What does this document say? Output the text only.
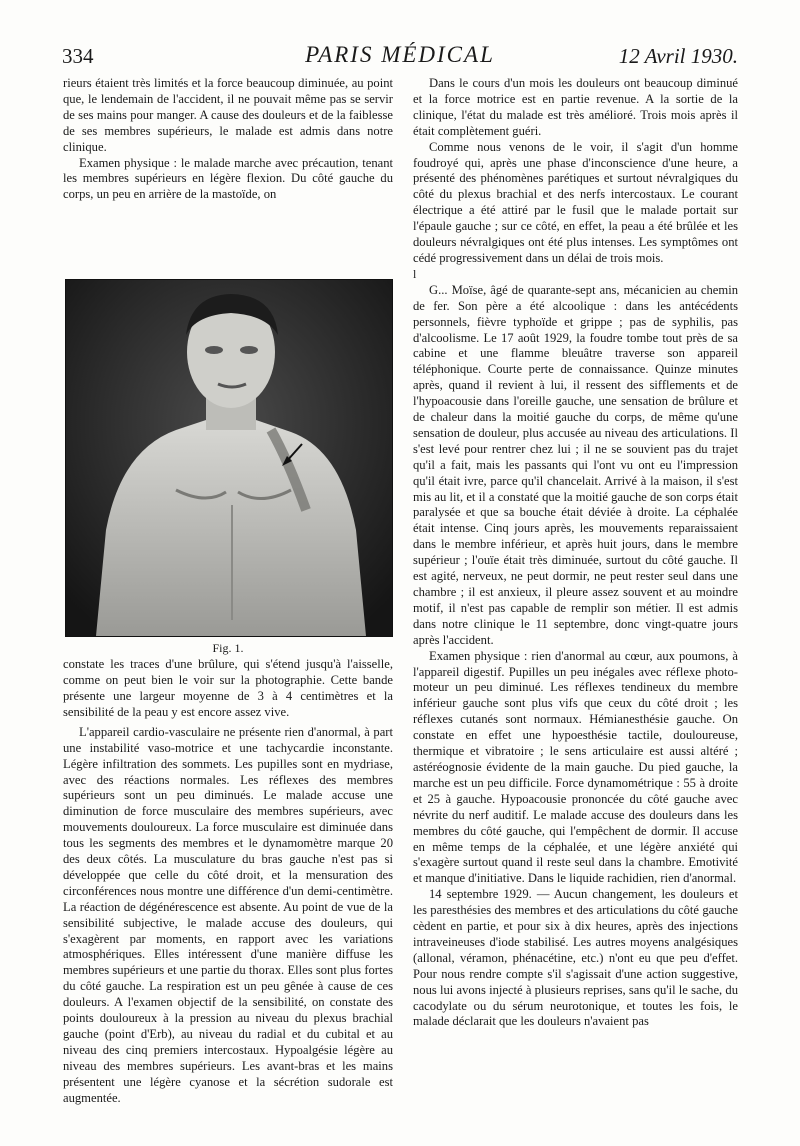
334	PARIS MÉDICAL	12 Avril 1930.

rieurs étaient très limités et la force beaucoup diminuée, au point que, le lendemain de l'accident, il ne pouvait même pas se servir de ses mains pour manger. A cause des douleurs et de la faiblesse de ses membres supérieurs, le malade est admis dans notre clinique.

Examen physique : le malade marche avec précaution, tenant les membres supérieurs en légère flexion. Du côté gauche du corps, un peu en arrière de la mastoïde, on

Fig. 1.

constate les traces d'une brûlure, qui s'étend jusqu'à l'aisselle, comme on peut bien le voir sur la photographie. Cette bande présente une largeur moyenne de 3 à 4 centimètres et la sensibilité de la peau y est encore assez vive.

L'appareil cardio-vasculaire ne présente rien d'anormal, à part une instabilité vaso-motrice et une tachycardie inconstante. Légère infiltration des sommets. Les pupilles sont en mydriase, avec des réactions normales. Les réflexes des membres supérieurs sont un peu diminués. Le malade accuse une diminution de force musculaire des membres supérieurs, avec mouvements douloureux. La force musculaire est diminuée dans tous les segments des membres et le dynamomètre marque 20 des deux côtés. La musculature du bras gauche n'est pas si développée que celle du côté droit, et la mensuration des circonférences nous montre une différence d'un demi-centimètre. La réaction de dégénérescence est absente. Au point de vue de la sensibilité subjective, le malade accuse des douleurs, qui s'exagèrent par moments, en rapport avec les variations atmosphériques. Elles intéressent d'une manière diffuse les membres supérieurs et une partie du thorax. Elles sont plus fortes du côté gauche. La respiration est un peu gênée à cause de ces douleurs. A l'examen objectif de la sensibilité, on constate des points douloureux à la pression au niveau du plexus brachial gauche (point d'Erb), au niveau du radial et du cubital et au niveau des cinq premiers intercostaux. Hypoalgésie légère au niveau des membres supérieurs. Les avant-bras et les mains présentent une légère cyanose et la sécrétion sudorale est augmentée.

Dans le cours d'un mois les douleurs ont beaucoup diminué et la force motrice est en partie revenue. A la sortie de la clinique, l'état du malade est très amélioré. Trois mois après il était complètement guéri.

Comme nous venons de le voir, il s'agit d'un homme foudroyé qui, après une phase d'inconscience d'une heure, a présenté des phénomènes parétiques et surtout névralgiques du côté du plexus brachial et des nerfs intercostaux. Le courant électrique a été attiré par le fusil que le malade portait sur l'épaule gauche ; sur ce côté, en effet, la peau a été brûlée et les douleurs névralgiques ont été plus intenses. Les symptômes ont cédé progressivement dans un délai de trois mois.

l

G... Moïse, âgé de quarante-sept ans, mécanicien au chemin de fer. Son père a été alcoolique : dans les antécédents personnels, fièvre typhoïde et grippe ; pas de syphilis, pas d'alcoolisme. Le 17 août 1929, la foudre tombe tout près de sa cabine et une flamme bleuâtre traverse son appareil téléphonique. Courte perte de connaissance. Quinze minutes après, quand il revient à lui, il ressent des sifflements et de l'hypoacousie dans l'oreille gauche, une sensation de brûlure et de chaleur dans la moitié gauche du corps, de même qu'une sensation de douleur, plus accusée au niveau des articulations. Il s'est levé pour rentrer chez lui ; il ne se souvient pas du trajet qu'il a fait, mais les passants qui l'ont vu ont eu l'impression qu'il était ivre, parce qu'il chancelait. Arrivé à la maison, il s'est mis au lit, et il a constaté que la moitié gauche de son corps était paralysée et que sa bouche était déviée à droite. La céphalée était intense. Cinq jours après, les mouvements reparaissaient dans le membre inférieur, et après huit jours, dans le membre supérieur ; l'ouïe était très diminuée, surtout du côté gauche. Il est agité, nerveux, ne peut dormir, ne peut rester seul dans une chambre ; il est anxieux, il pleure assez souvent et au moindre motif, il n'est pas capable de remplir son métier. Il est admis dans notre clinique le 11 septembre, donc vingt-quatre jours après l'accident.

Examen physique : rien d'anormal au cœur, aux poumons, à l'appareil digestif. Pupilles un peu inégales avec réflexe photo-moteur un peu diminué. Les réflexes tendineux du membre inférieur gauche sont plus vifs que ceux du côté droit ; les réflexes cutanés sont normaux. Hémianesthésie gauche. On constate en effet une hypoesthésie tactile, douloureuse, thermique et vibratoire ; le sens articulaire est aussi altéré ; astéréognosie évidente de la main gauche. Du pied gauche, la marche est un peu difficile. Force dynamométrique : 55 à droite et 25 à gauche. Hypoacousie prononcée du côté gauche avec névrite du nerf auditif. Le malade accuse des douleurs dans les membres du côté gauche, qui l'empêchent de dormir. Il accuse en même temps de la céphalée, et une légère anxiété qui s'exagère surtout quand il reste seul dans la chambre. Emotivité et manque d'initiative. Dans le liquide rachidien, rien d'anormal.

14 septembre 1929. — Aucun changement, les douleurs et les paresthésies des membres et des articulations du côté gauche cèdent en partie, et pour six à dix heures, après des injections intraveineuses d'iode stabilisé. Les autres moyens analgésiques (allonal, véramon, phénacétine, etc.) n'ont eu que peu d'effet. Pour nous rendre compte s'il s'agissait d'une action suggestive, nous lui avons injecté à plusieurs reprises, sans qu'il le sache, du cacodylate ou du sérum neurotonique, et toutes les fois, le malade déclarait que les douleurs n'avaient pas
